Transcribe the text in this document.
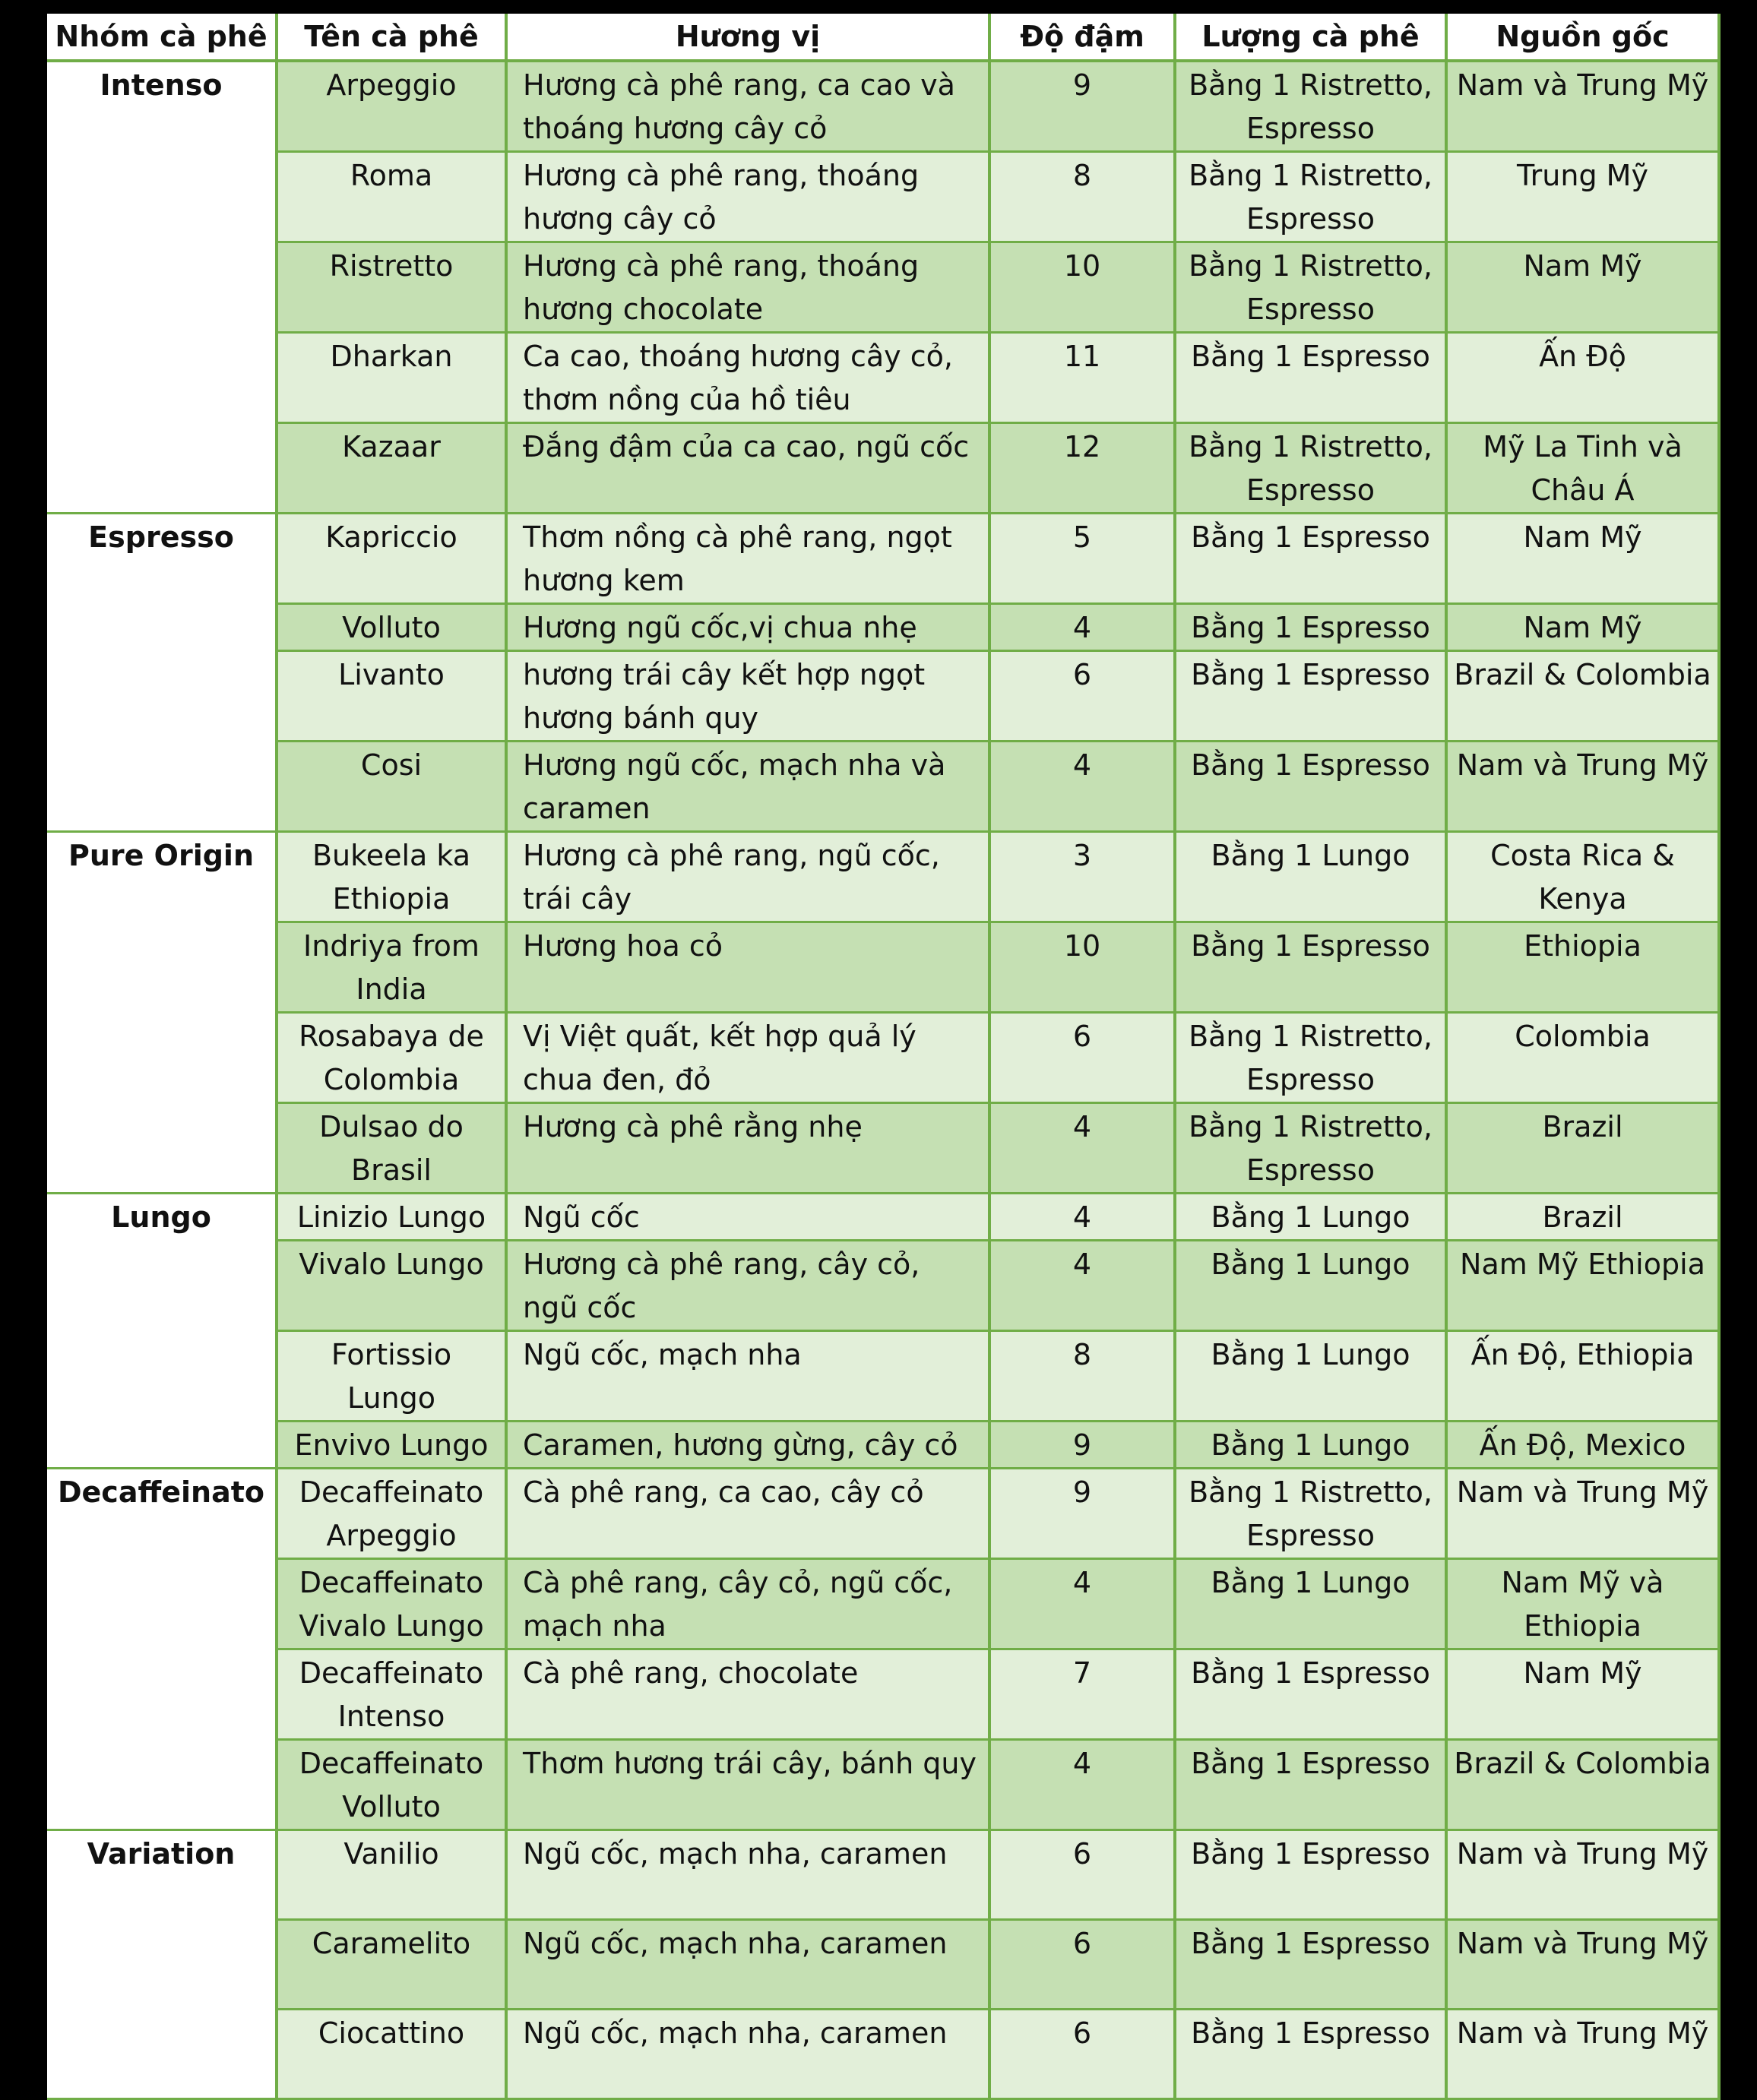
Nhóm cà phê	Tên cà phê	Hương vị	Độ đậm	Lượng cà phê	Nguồn gốc
Intenso	Arpeggio	Hương cà phê rang, ca cao và thoáng hương cây cỏ	9	Bằng 1 Ristretto, Espresso	Nam và Trung Mỹ
	Roma	Hương cà phê rang, thoáng hương cây cỏ	8	Bằng 1 Ristretto, Espresso	Trung Mỹ
	Ristretto	Hương cà phê rang, thoáng hương chocolate	10	Bằng 1 Ristretto, Espresso	Nam Mỹ
	Dharkan	Ca cao, thoáng hương cây cỏ, thơm nồng của hồ tiêu	11	Bằng 1 Espresso	Ấn Độ
	Kazaar	Đắng đậm của ca cao, ngũ cốc	12	Bằng 1 Ristretto, Espresso	Mỹ La Tinh và Châu Á
Espresso	Kapriccio	Thơm nồng cà phê rang, ngọt hương kem	5	Bằng 1 Espresso	Nam Mỹ
	Volluto	Hương ngũ cốc,vị chua nhẹ	4	Bằng 1 Espresso	Nam Mỹ
	Livanto	hương trái cây kết hợp ngọt hương bánh quy	6	Bằng 1 Espresso	Brazil & Colombia
	Cosi	Hương ngũ cốc, mạch nha và caramen	4	Bằng 1 Espresso	Nam và Trung Mỹ
Pure Origin	Bukeela ka Ethiopia	Hương cà phê rang, ngũ cốc, trái cây	3	Bằng 1 Lungo	Costa Rica & Kenya
	Indriya from India	Hương hoa cỏ	10	Bằng 1 Espresso	Ethiopia
	Rosabaya de Colombia	Vị Việt quất, kết hợp quả lý chua đen, đỏ	6	Bằng 1 Ristretto, Espresso	Colombia
	Dulsao do Brasil	Hương cà phê rằng nhẹ	4	Bằng 1 Ristretto, Espresso	Brazil
Lungo	Linizio Lungo	Ngũ cốc	4	Bằng 1 Lungo	Brazil
	Vivalo Lungo	Hương cà phê rang, cây cỏ, ngũ cốc	4	Bằng 1 Lungo	Nam Mỹ Ethiopia
	Fortissio Lungo	Ngũ cốc, mạch nha	8	Bằng 1 Lungo	Ấn Độ, Ethiopia
	Envivo Lungo	Caramen, hương gừng, cây cỏ	9	Bằng 1 Lungo	Ấn Độ, Mexico
Decaffeinato	Decaffeinato Arpeggio	Cà phê rang, ca cao, cây cỏ	9	Bằng 1 Ristretto, Espresso	Nam và Trung Mỹ
	Decaffeinato Vivalo Lungo	Cà phê rang, cây cỏ, ngũ cốc, mạch nha	4	Bằng 1 Lungo	Nam Mỹ và Ethiopia
	Decaffeinato Intenso	Cà phê rang, chocolate	7	Bằng 1 Espresso	Nam Mỹ
	Decaffeinato Volluto	Thơm hương trái cây, bánh quy	4	Bằng 1 Espresso	Brazil & Colombia
Variation	Vanilio	Ngũ cốc, mạch nha, caramen	6	Bằng 1 Espresso	Nam và Trung Mỹ
	Caramelito	Ngũ cốc, mạch nha, caramen	6	Bằng 1 Espresso	Nam và Trung Mỹ
	Ciocattino	Ngũ cốc, mạch nha, caramen	6	Bằng 1 Espresso	Nam và Trung Mỹ
